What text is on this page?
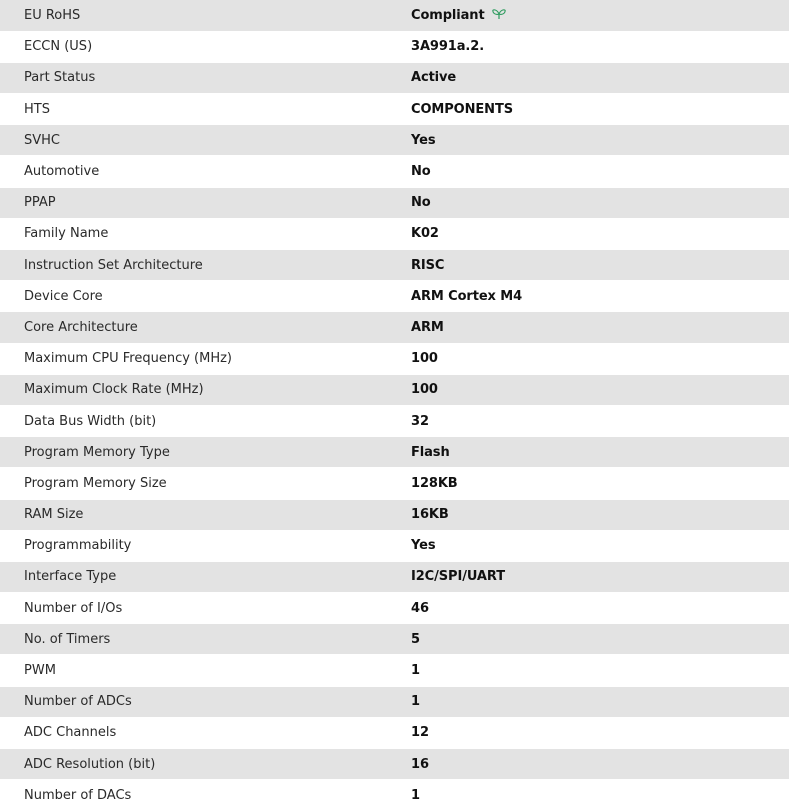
EU RoHS	Compliant

ECCN (US)	3A991a.2.
Part Status	Active
HTS	COMPONENTS
SVHC	Yes
Automotive	No
PPAP	No
Family Name	K02
Instruction Set Architecture	RISC
Device Core	ARM Cortex M4
Core Architecture	ARM
Maximum CPU Frequency (MHz)	100
Maximum Clock Rate (MHz)	100
Data Bus Width (bit)	32
Program Memory Type	Flash
Program Memory Size	128KB
RAM Size	16KB
Programmability	Yes
Interface Type	I2C/SPI/UART
Number of I/Os	46
No. of Timers	5
PWM	1
Number of ADCs	1
ADC Channels	12
ADC Resolution (bit)	16
Number of DACs	1
